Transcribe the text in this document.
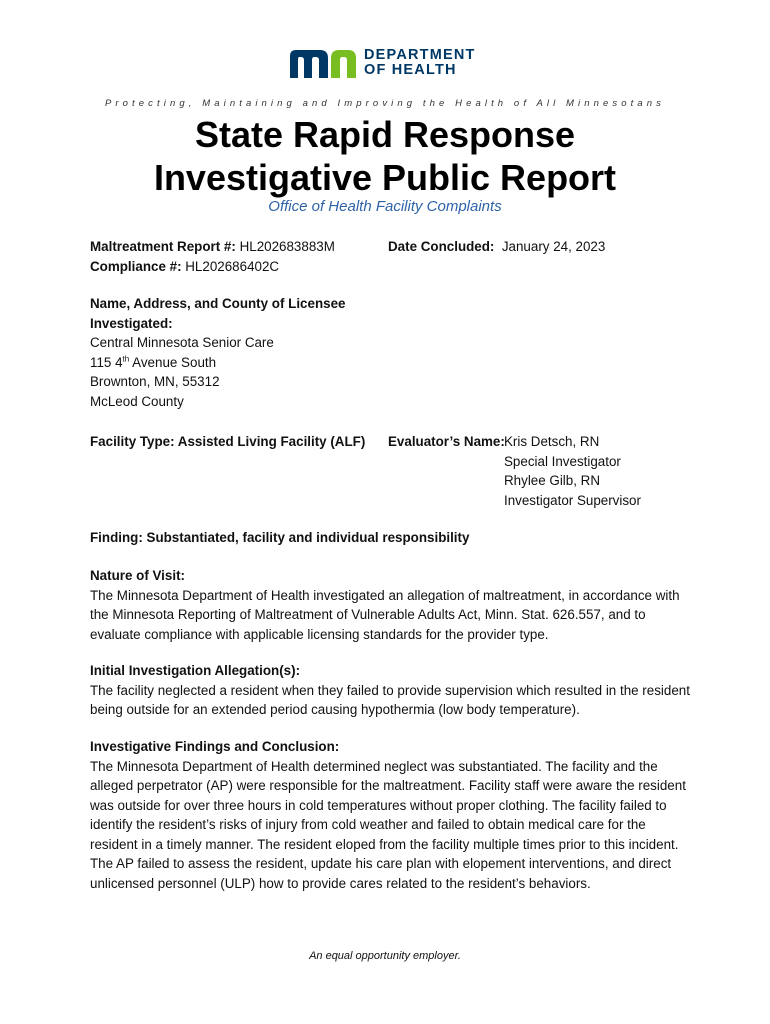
DEPARTMENT
OF HEALTH
Protecting, Maintaining and Improving the Health of All Minnesotans
State Rapid Response
Investigative Public Report
Office of Health Facility Complaints
Maltreatment Report #: HL202683883M
Compliance #: HL202686402C
Date Concluded: January 24, 2023
Name, Address, and County of Licensee
Investigated:
Central Minnesota Senior Care
115 4th Avenue South
Brownton, MN, 55312
McLeod County
Facility Type: Assisted Living Facility (ALF)	Evaluator’s Name: Kris Detsch, RN
Special Investigator
Rhylee Gilb, RN
Investigator Supervisor
Finding: Substantiated, facility and individual responsibility
Nature of Visit:
The Minnesota Department of Health investigated an allegation of maltreatment, in accordance with the Minnesota Reporting of Maltreatment of Vulnerable Adults Act, Minn. Stat. 626.557, and to evaluate compliance with applicable licensing standards for the provider type.
Initial Investigation Allegation(s):
The facility neglected a resident when they failed to provide supervision which resulted in the resident being outside for an extended period causing hypothermia (low body temperature).
Investigative Findings and Conclusion:
The Minnesota Department of Health determined neglect was substantiated. The facility and the alleged perpetrator (AP) were responsible for the maltreatment. Facility staff were aware the resident was outside for over three hours in cold temperatures without proper clothing. The facility failed to identify the resident’s risks of injury from cold weather and failed to obtain medical care for the resident in a timely manner. The resident eloped from the facility multiple times prior to this incident. The AP failed to assess the resident, update his care plan with elopement interventions, and direct unlicensed personnel (ULP) how to provide cares related to the resident’s behaviors.
An equal opportunity employer.
